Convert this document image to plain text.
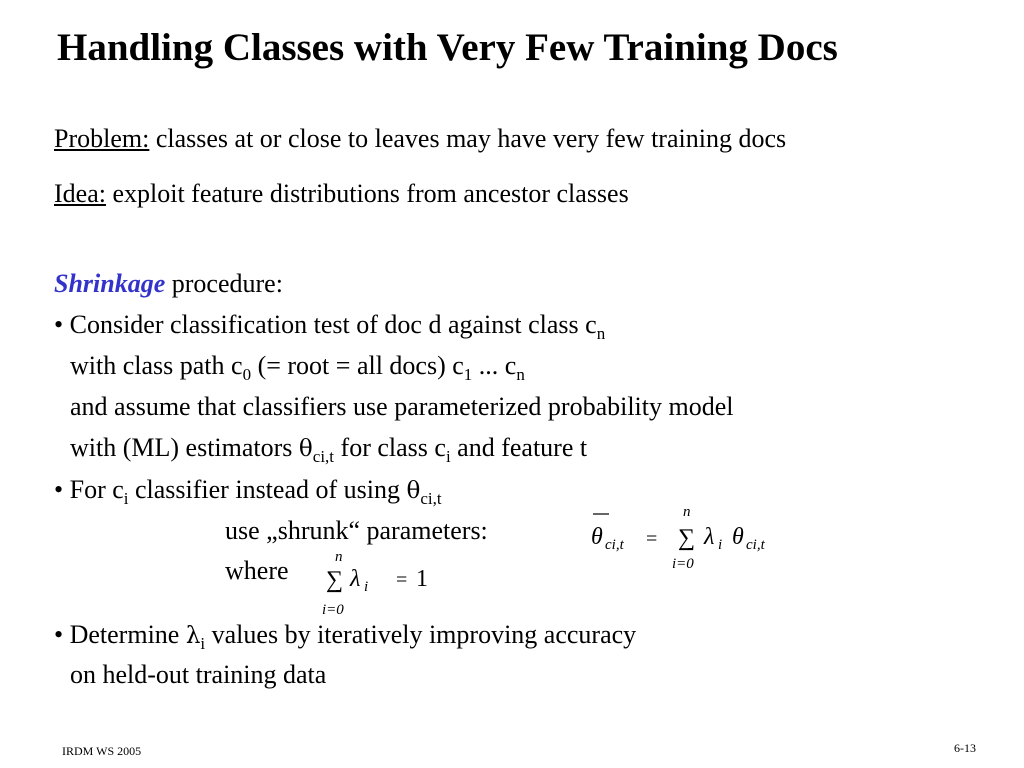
Handling Classes with Very Few Training Docs
Problem: classes at or close to leaves may have very few training docs
Idea: exploit feature distributions from ancestor classes
Shrinkage procedure:
• Consider classification test of doc d against class $c_n$
with class path $c_0$ (= root = all docs) $c_1$ ... $c_n$
and assume that classifiers use parameterized probability model
with (ML) estimators $\theta_{ci,t}$ for class $c_i$ and feature t
• For $c_i$ classifier instead of using $\theta_{ci,t}$
use „shrunk“ parameters:
where
θ ci,t = ∑
n
i=0
λ i θ ci,t
∑
n
i=0
λ i = 1
• Determine $\lambda_i$ values by iteratively improving accuracy
on held-out training data
IRDM WS 2005	6-13
